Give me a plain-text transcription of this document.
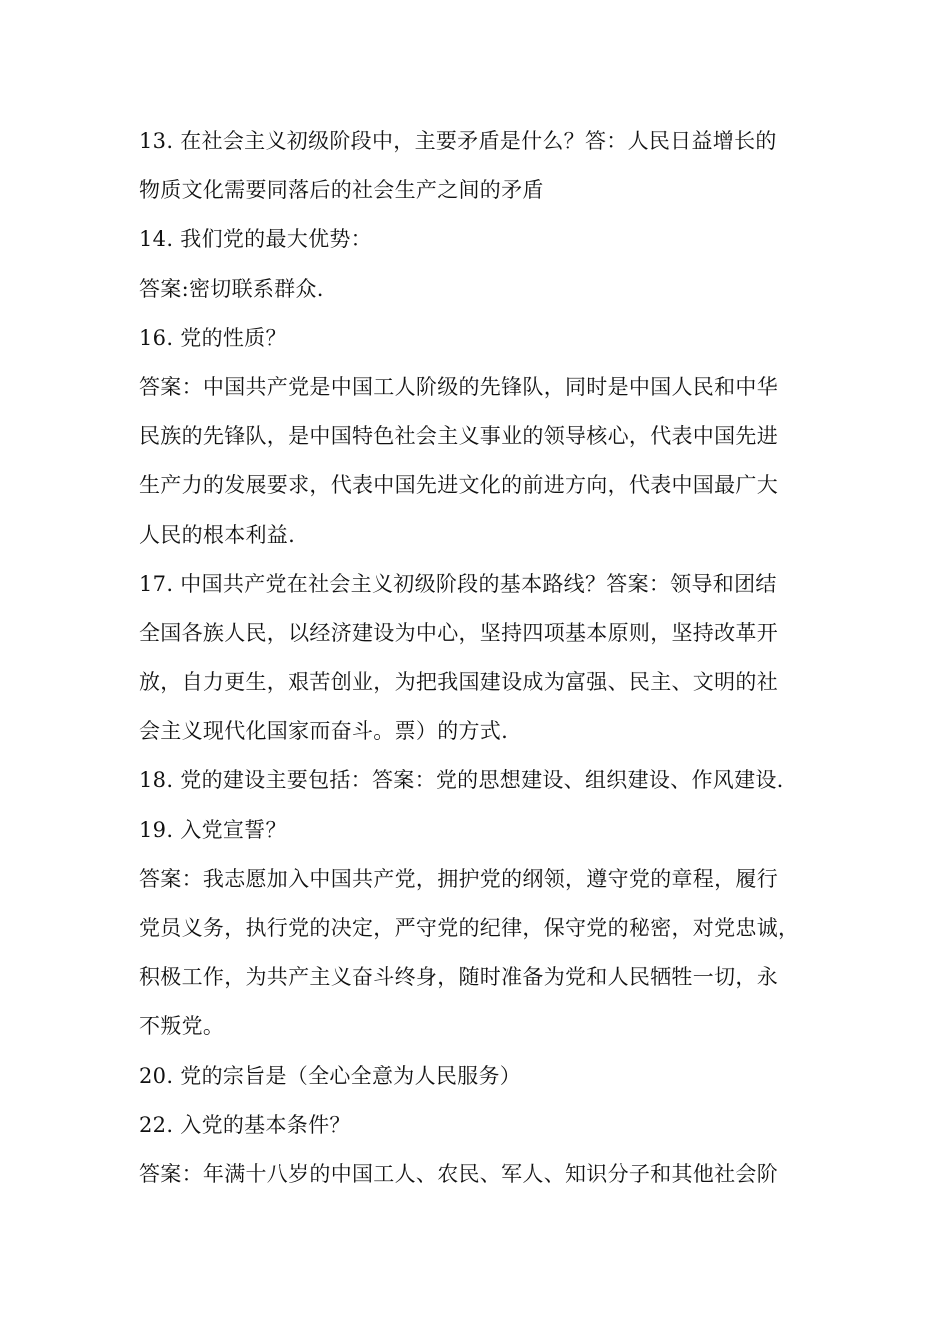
13. 在社会主义初级阶段中，主要矛盾是什么？答：人民日益增长的
物质文化需要同落后的社会生产之间的矛盾
14. 我们党的最大优势：
答案:密切联系群众.
16. 党的性质？
答案：中国共产党是中国工人阶级的先锋队，同时是中国人民和中华
民族的先锋队，是中国特色社会主义事业的领导核心，代表中国先进
生产力的发展要求，代表中国先进文化的前进方向，代表中国最广大
人民的根本利益.
17. 中国共产党在社会主义初级阶段的基本路线？答案：领导和团结
全国各族人民，以经济建设为中心，坚持四项基本原则，坚持改革开
放，自力更生，艰苦创业，为把我国建设成为富强、民主、文明的社
会主义现代化国家而奋斗。票）的方式.
18. 党的建设主要包括：答案：党的思想建设、组织建设、作风建设.
19. 入党宣誓？
答案：我志愿加入中国共产党，拥护党的纲领，遵守党的章程，履行
党员义务，执行党的决定，严守党的纪律，保守党的秘密，对党忠诚，
积极工作，为共产主义奋斗终身，随时准备为党和人民牺牲一切，永
不叛党。
20. 党的宗旨是（全心全意为人民服务）
22. 入党的基本条件？
答案：年满十八岁的中国工人、农民、军人、知识分子和其他社会阶
